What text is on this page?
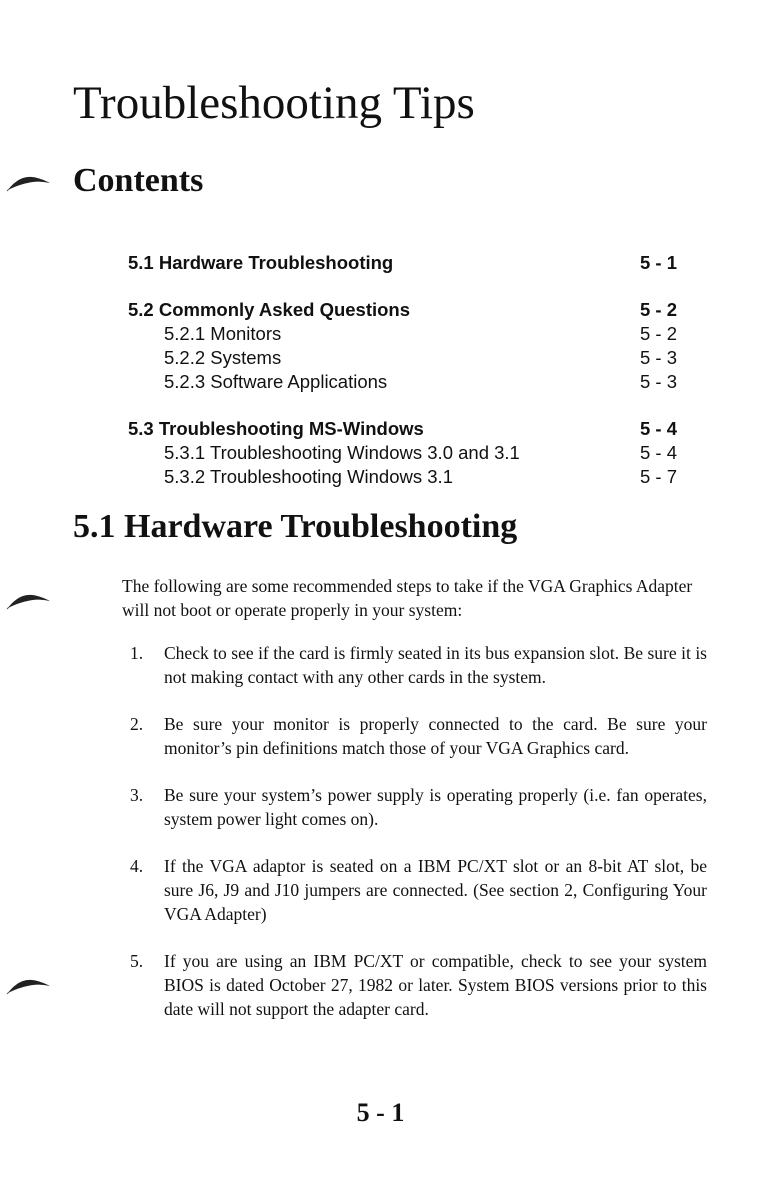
Troubleshooting Tips
Contents
5.1 Hardware Troubleshooting	5 - 1
5.2 Commonly Asked Questions	5 - 2
5.2.1 Monitors	5 - 2
5.2.2 Systems	5 - 3
5.2.3 Software Applications	5 - 3
5.3 Troubleshooting MS-Windows	5 - 4
5.3.1 Troubleshooting Windows 3.0 and 3.1	5 - 4
5.3.2 Troubleshooting Windows 3.1	5 - 7
5.1 Hardware Troubleshooting

The following are some recommended steps to take if the VGA Graphics Adapter will not boot or operate properly in your system:

1.	Check to see if the card is firmly seated in its bus expansion slot. Be sure it is not making contact with any other cards in the system.
2.	Be sure your monitor is properly connected to the card. Be sure your monitor’s pin definitions match those of your VGA Graphics card.
3.	Be sure your system’s power supply is operating properly (i.e. fan operates, system power light comes on).
4.	If the VGA adaptor is seated on a IBM PC/XT slot or an 8-bit AT slot, be sure J6, J9 and J10 jumpers are connected. (See section 2, Configuring Your VGA Adapter)
5.	If you are using an IBM PC/XT or compatible, check to see your system BIOS is dated October 27, 1982 or later. System BIOS versions prior to this date will not support the adapter card.
5 - 1
